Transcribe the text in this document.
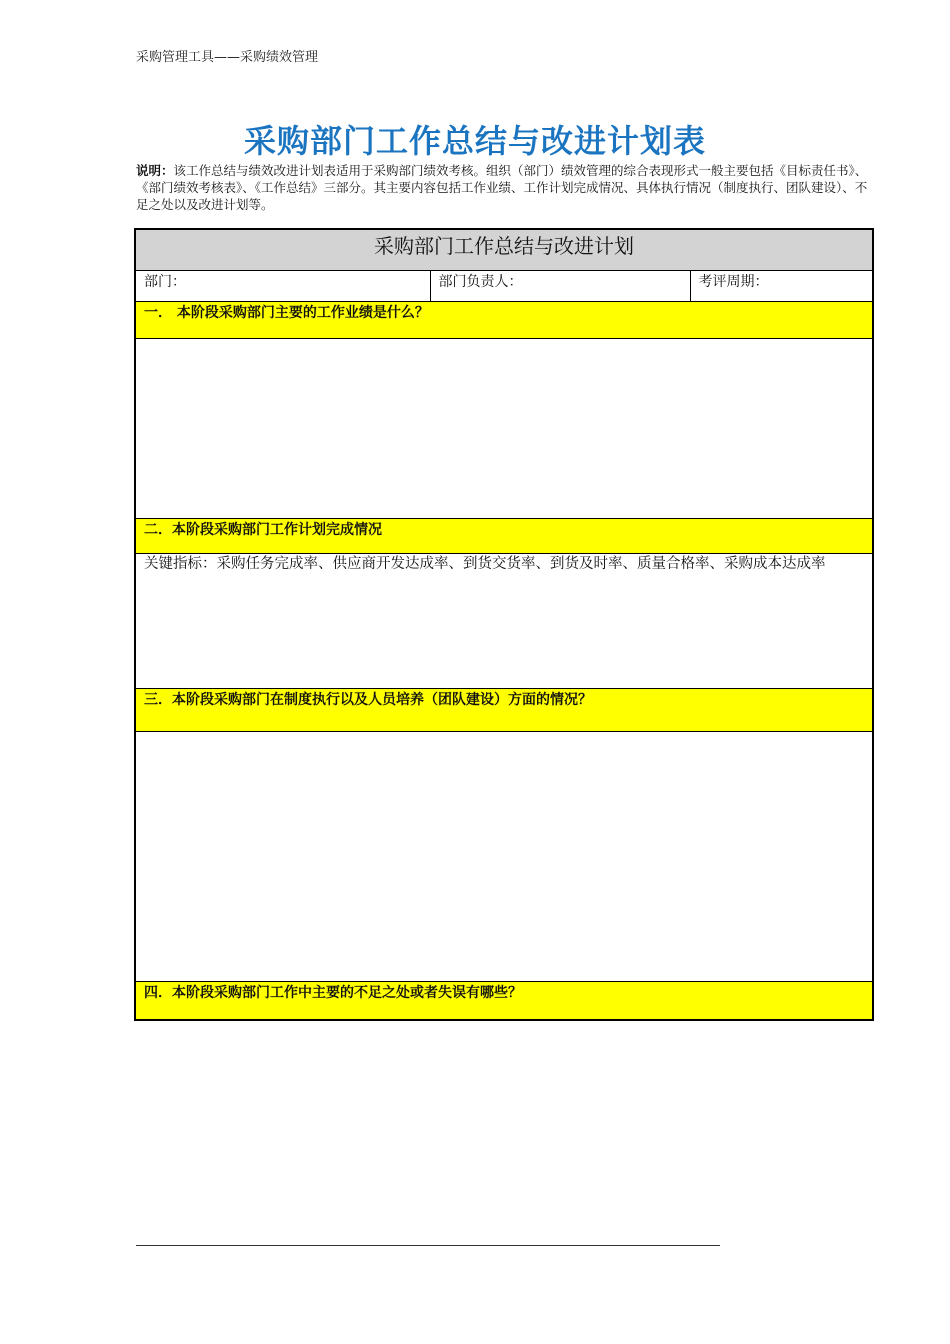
采购管理工具——采购绩效管理
采购部门工作总结与改进计划表
说明：该工作总结与绩效改进计划表适用于采购部门绩效考核。组织（部门）绩效管理的综合表现形式一般主要包括《目标责任书》、《部门绩效考核表》、《工作总结》三部分。其主要内容包括工作业绩、工作计划完成情况、具体执行情况（制度执行、团队建设）、不足之处以及改进计划等。
采购部门工作总结与改进计划
部门：	部门负责人：	考评周期：
一． 本阶段采购部门主要的工作业绩是什么？

二．本阶段采购部门工作计划完成情况
关键指标：采购任务完成率、供应商开发达成率、到货交货率、到货及时率、质量合格率、采购成本达成率
三．本阶段采购部门在制度执行以及人员培养（团队建设）方面的情况？

四．本阶段采购部门工作中主要的不足之处或者失误有哪些？
